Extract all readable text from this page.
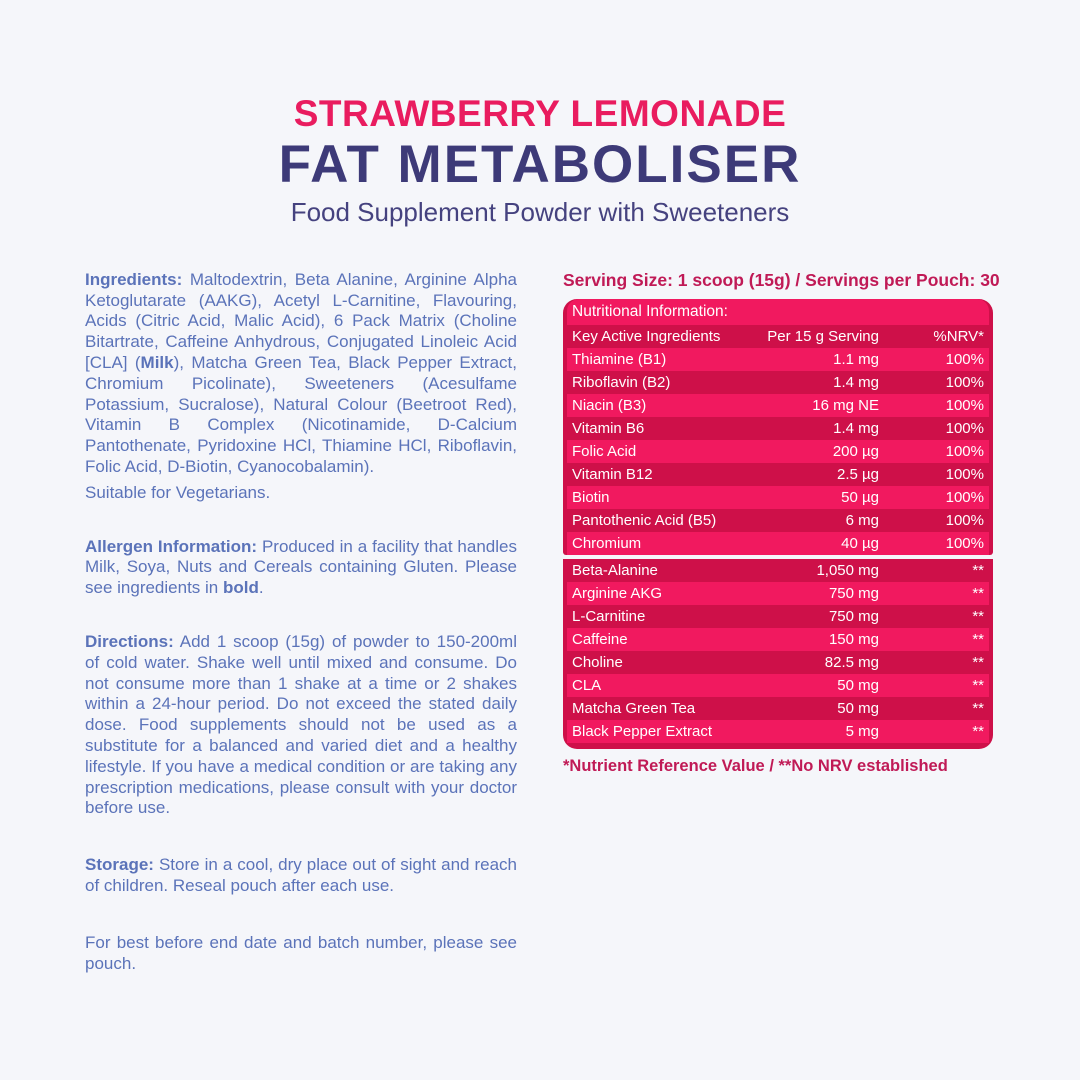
STRAWBERRY LEMONADE
FAT METABOLISER
Food Supplement Powder with Sweeteners

Ingredients: Maltodextrin, Beta Alanine, Arginine Alpha Ketoglutarate (AAKG), Acetyl L-Carnitine, Flavouring, Acids (Citric Acid, Malic Acid), 6 Pack Matrix (Choline Bitartrate, Caffeine Anhydrous, Conjugated Linoleic Acid [CLA] (Milk), Matcha Green Tea, Black Pepper Extract, Chromium Picolinate), Sweeteners (Acesulfame Potassium, Sucralose), Natural Colour (Beetroot Red), Vitamin B Complex (Nicotinamide, D-Calcium Pantothenate, Pyridoxine HCl, Thiamine HCl, Riboflavin, Folic Acid, D-Biotin, Cyanocobalamin).

Suitable for Vegetarians.

Allergen Information: Produced in a facility that handles Milk, Soya, Nuts and Cereals containing Gluten. Please see ingredients in bold.

Directions: Add 1 scoop (15g) of powder to 150-200ml of cold water. Shake well until mixed and consume. Do not consume more than 1 shake at a time or 2 shakes within a 24-hour period. Do not exceed the stated daily dose. Food supplements should not be used as a substitute for a balanced and varied diet and a healthy lifestyle. If you have a medical condition or are taking any prescription medications, please consult with your doctor before use.

Storage: Store in a cool, dry place out of sight and reach of children. Reseal pouch after each use.

For best before end date and batch number, please see pouch.

Serving Size: 1 scoop (15g) / Servings per Pouch: 30
Nutritional Information:
Key Active Ingredients	Per 15 g Serving	%NRV*
Thiamine (B1)	1.1 mg	100%
Riboflavin (B2)	1.4 mg	100%
Niacin (B3)	16 mg NE	100%
Vitamin B6	1.4 mg	100%
Folic Acid	200 µg	100%
Vitamin B12	2.5 µg	100%
Biotin	50 µg	100%
Pantothenic Acid (B5)	6 mg	100%
Chromium	40 µg	100%
Beta-Alanine	1,050 mg	**
Arginine AKG	750 mg	**
L-Carnitine	750 mg	**
Caffeine	150 mg	**
Choline	82.5 mg	**
CLA	50 mg	**
Matcha Green Tea	50 mg	**
Black Pepper Extract	5 mg	**
*Nutrient Reference Value / **No NRV established
